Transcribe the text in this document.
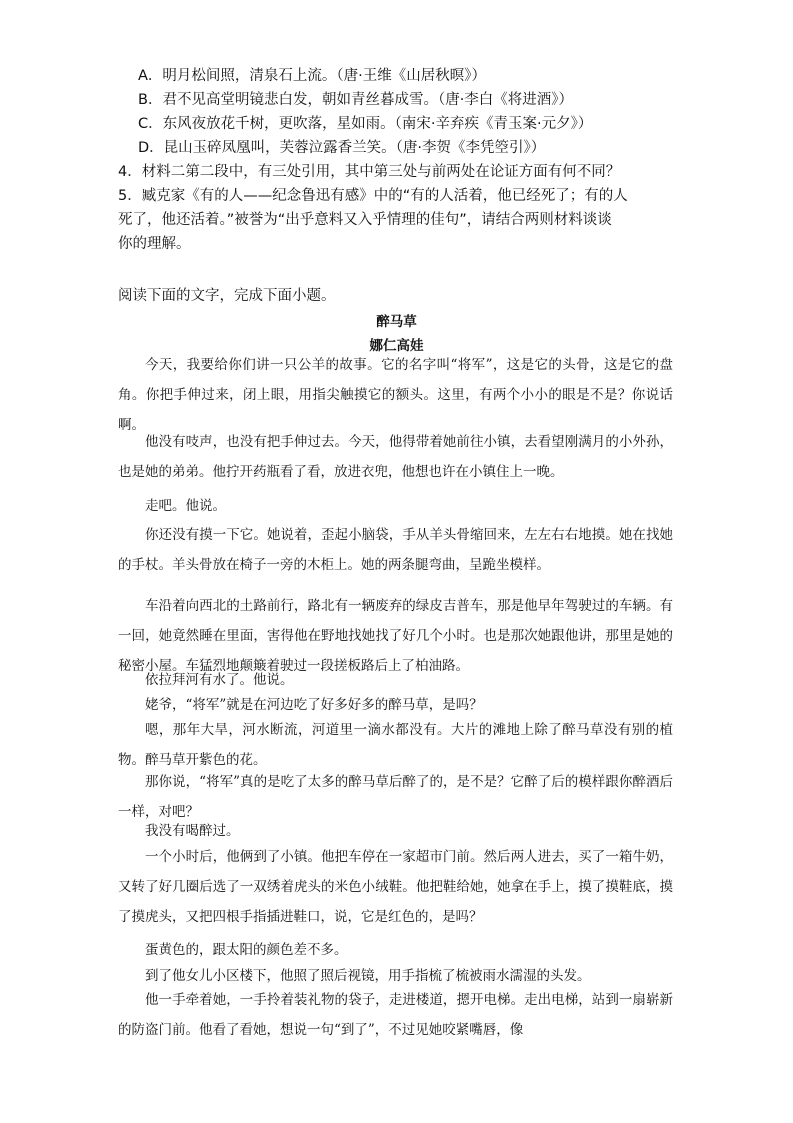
A．明月松间照，清泉石上流。（唐·王维《山居秋暝》）
B．君不见高堂明镜悲白发，朝如青丝暮成雪。（唐·李白《将进酒》）
C．东风夜放花千树，更吹落，星如雨。（南宋·辛弃疾《青玉案·元夕》）
D．昆山玉碎凤凰叫，芙蓉泣露香兰笑。（唐·李贺《李凭箜引》）
4．材料二第二段中，有三处引用，其中第三处与前两处在论证方面有何不同？
5．臧克家《有的人——纪念鲁迅有感》中的“有的人活着，他已经死了；有的人
死了，他还活着。”被誉为“出乎意料又入乎情理的佳句”，请结合两则材料谈谈
你的理解。
阅读下面的文字，完成下面小题。
醉马草
娜仁高娃

今天，我要给你们讲一只公羊的故事。它的名字叫“将军”，这是它的头骨，这是它的盘角。你把手伸过来，闭上眼，用指尖触摸它的额头。这里，有两个小小的眼是不是？你说话啊。

他没有吱声，也没有把手伸过去。今天，他得带着她前往小镇，去看望刚满月的小外孙，也是她的弟弟。他拧开药瓶看了看，放进衣兜，他想也许在小镇住上一晚。

走吧。他说。

你还没有摸一下它。她说着，歪起小脑袋，手从羊头骨缩回来，左左右右地摸。她在找她的手杖。羊头骨放在椅子一旁的木柜上。她的两条腿弯曲，呈跪坐模样。

车沿着向西北的土路前行，路北有一辆废弃的绿皮吉普车，那是他早年驾驶过的车辆。有一回，她竟然睡在里面，害得他在野地找她找了好几个小时。也是那次她跟他讲，那里是她的秘密小屋。车猛烈地颠簸着驶过一段搓板路后上了柏油路。

依拉拜河有水了。他说。

姥爷，“将军”就是在河边吃了好多好多的醉马草，是吗？

嗯，那年大旱，河水断流，河道里一滴水都没有。大片的滩地上除了醉马草没有别的植物。醉马草开紫色的花。

那你说，“将军”真的是吃了太多的醉马草后醉了的，是不是？它醉了后的模样跟你醉酒后一样，对吧？

我没有喝醉过。

一个小时后，他俩到了小镇。他把车停在一家超市门前。然后两人进去，买了一箱牛奶，又转了好几圈后选了一双绣着虎头的米色小绒鞋。他把鞋给她，她拿在手上，摸了摸鞋底，摸了摸虎头，又把四根手指插进鞋口，说，它是红色的，是吗？

蛋黄色的，跟太阳的颜色差不多。

到了他女儿小区楼下，他照了照后视镜，用手指梳了梳被雨水濡湿的头发。

他一手牵着她，一手拎着装礼物的袋子，走进楼道，摁开电梯。走出电梯，站到一扇崭新的防盗门前。他看了看她，想说一句“到了”，不过见她咬紧嘴唇，像
